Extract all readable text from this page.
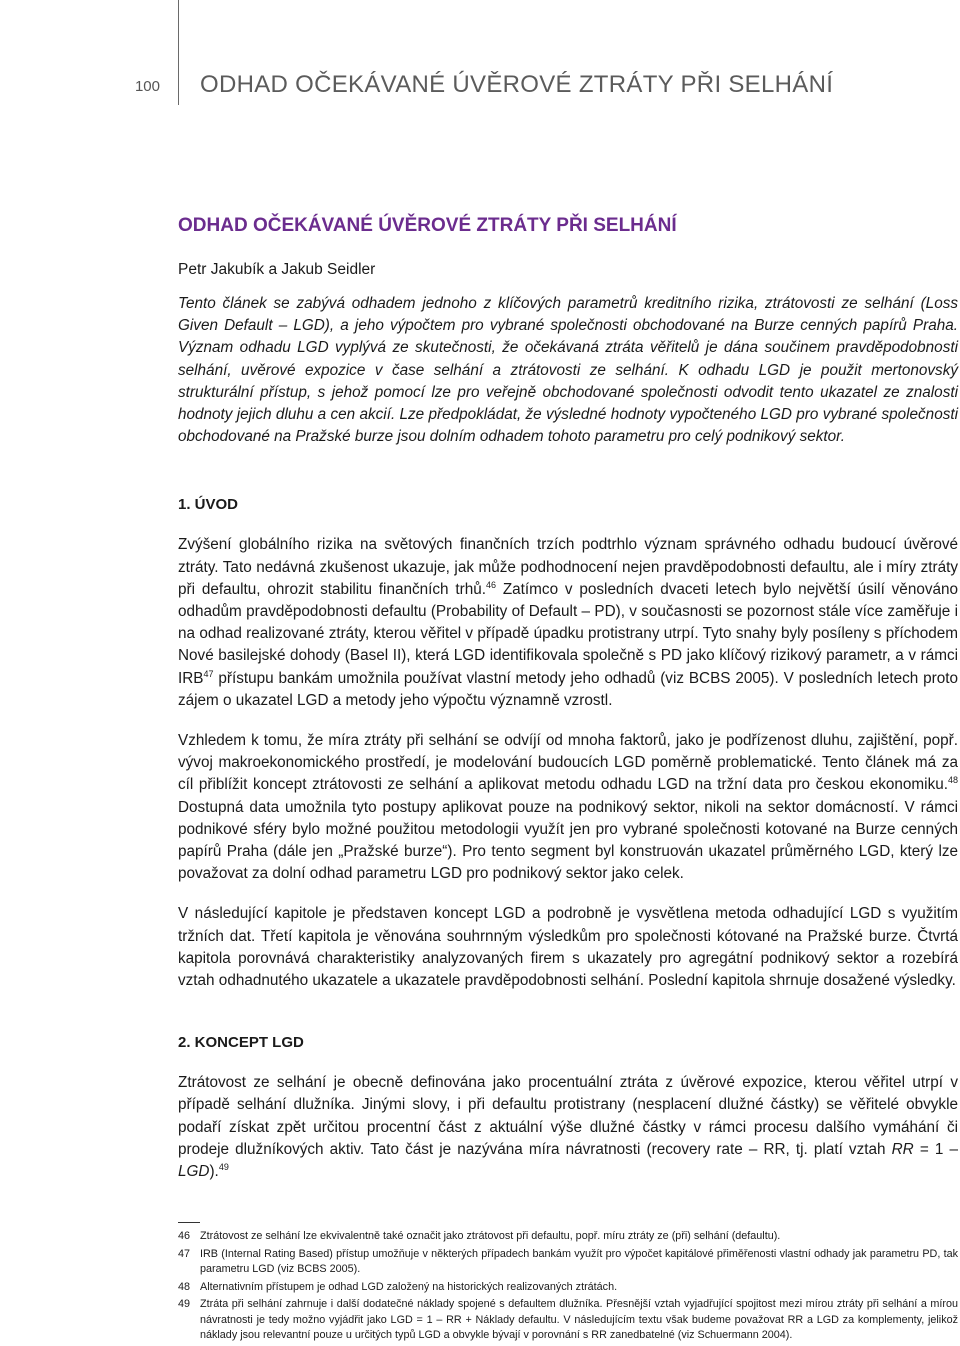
100 ODHAD OČEKÁVANÉ ÚVĚROVÉ ZTRÁTY PŘI SELHÁNÍ
ODHAD OČEKÁVANÉ ÚVĚROVÉ ZTRÁTY PŘI SELHÁNÍ

Petr Jakubík a Jakub Seidler

Tento článek se zabývá odhadem jednoho z klíčových parametrů kreditního rizika, ztrátovosti ze selhání (Loss Given Default – LGD), a jeho výpočtem pro vybrané společnosti obchodované na Burze cenných papírů Praha. Význam odhadu LGD vyplývá ze skutečnosti, že očekávaná ztráta věřitelů je dána součinem pravděpodobnosti selhání, uvěrové expozice v čase selhání a ztrátovosti ze selhání. K odhadu LGD je použit mertonovský strukturální přístup, s jehož pomocí lze pro veřejně obchodované společnosti odvodit tento ukazatel ze znalosti hodnoty jejich dluhu a cen akcií. Lze předpokládat, že výsledné hodnoty vypočteného LGD pro vybrané společnosti obchodované na Pražské burze jsou dolním odhadem tohoto parametru pro celý podnikový sektor.

1. ÚVOD

Zvýšení globálního rizika na světových finančních trzích podtrhlo význam správného odhadu budoucí úvěrové ztráty. Tato nedávná zkušenost ukazuje, jak může podhodnocení nejen pravděpodobnosti defaultu, ale i míry ztráty při defaultu, ohrozit stabilitu finančních trhů.$^{46}$ Zatímco v posledních dvaceti letech bylo největší úsilí věnováno odhadům pravděpodobnosti defaultu (Probability of Default – PD), v současnosti se pozornost stále více zaměřuje i na odhad realizované ztráty, kterou věřitel v případě úpadku protistrany utrpí. Tyto snahy byly posíleny s příchodem Nové basilejské dohody (Basel II), která LGD identifikovala společně s PD jako klíčový rizikový parametr, a v rámci IRB$^{47}$ přístupu bankám umožnila používat vlastní metody jeho odhadů (viz BCBS 2005). V posledních letech proto zájem o ukazatel LGD a metody jeho výpočtu významně vzrostl.

Vzhledem k tomu, že míra ztráty při selhání se odvíjí od mnoha faktorů, jako je podřízenost dluhu, zajištění, popř. vývoj makroekonomického prostředí, je modelování budoucích LGD poměrně problematické. Tento článek má za cíl přiblížit koncept ztrátovosti ze selhání a aplikovat metodu odhadu LGD na tržní data pro českou ekonomiku.$^{48}$ Dostupná data umožnila tyto postupy aplikovat pouze na podnikový sektor, nikoli na sektor domácností. V rámci podnikové sféry bylo možné použitou metodologii využít jen pro vybrané společnosti kotované na Burze cenných papírů Praha (dále jen „Pražské burze“). Pro tento segment byl konstruován ukazatel průměrného LGD, který lze považovat za dolní odhad parametru LGD pro podnikový sektor jako celek.

V následující kapitole je představen koncept LGD a podrobně je vysvětlena metoda odhadující LGD s využitím tržních dat. Třetí kapitola je věnována souhrnným výsledkům pro společnosti kótované na Pražské burze. Čtvrtá kapitola porovnává charakteristiky analyzovaných firem s ukazately pro agregátní podnikový sektor a rozebírá vztah odhadnutého ukazatele a ukazatele pravděpodobnosti selhání. Poslední kapitola shrnuje dosažené výsledky.

2. KONCEPT LGD

Ztrátovost ze selhání je obecně definována jako procentuální ztráta z úvěrové expozice, kterou věřitel utrpí v případě selhání dlužníka. Jinými slovy, i při defaultu protistrany (nesplacení dlužné částky) se věřitelé obvykle podaří získat zpět určitou procentní část z aktuální výše dlužné částky v rámci procesu dalšího vymáhání či prodeje dlužníkových aktiv. Tato část je nazývána míra návratnosti (recovery rate – RR, tj. platí vztah RR = 1 – LGD).$^{49}$

46 Ztrátovost ze selhání lze ekvivalentně také označit jako ztrátovost při defaultu, popř. míru ztráty ze (při) selhání (defaultu).
47 IRB (Internal Rating Based) přístup umožňuje v některých případech bankám využít pro výpočet kapitálové přiměřenosti vlastní odhady jak parametru PD, tak parametru LGD (viz BCBS 2005).
48 Alternativním přístupem je odhad LGD založený na historických realizovaných ztrátách.
49 Ztráta při selhání zahrnuje i další dodatečné náklady spojené s defaultem dlužníka. Přesnější vztah vyjadřující spojitost mezi mírou ztráty při selhání a mírou návratnosti je tedy možno vyjádřit jako LGD = 1 – RR + Náklady defaultu. V následujícím textu však budeme považovat RR a LGD za komplementy, jelikož náklady jsou relevantní pouze u určitých typů LGD a obvykle bývají v porovnání s RR zanedbatelné (viz Schuermann 2004).
